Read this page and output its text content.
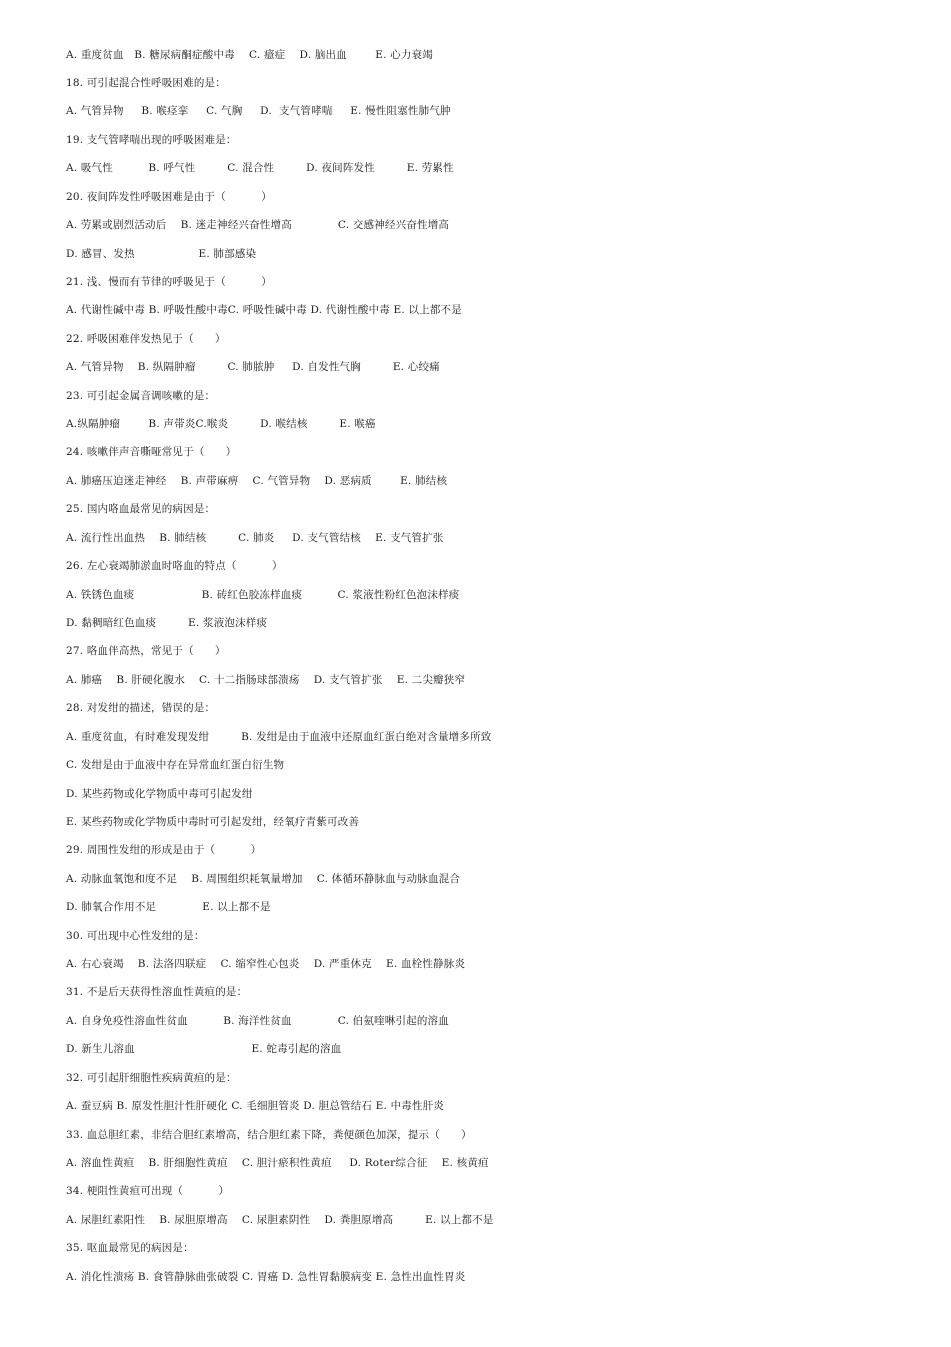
A. 重度贫血   B. 糖尿病酮症酸中毒    C. 癔症    D. 脑出血        E. 心力衰竭
18. 可引起混合性呼吸困难的是：
A. 气管异物     B. 喉痉挛     C. 气胸     D.  支气管哮喘     E. 慢性阻塞性肺气肿
19. 支气管哮喘出现的呼吸困难是：
A. 吸气性          B. 呼气性         C. 混合性         D. 夜间阵发性         E. 劳累性
20. 夜间阵发性呼吸困难是由于（          ）
A. 劳累或剧烈活动后    B. 迷走神经兴奋性增高             C. 交感神经兴奋性增高
D. 感冒、发热                  E. 肺部感染
21. 浅、慢而有节律的呼吸见于（          ）
A. 代谢性碱中毒 B. 呼吸性酸中毒C. 呼吸性碱中毒 D. 代谢性酸中毒 E. 以上都不是
22. 呼吸困难伴发热见于（      ）
A. 气管异物    B. 纵隔肿瘤         C. 肺脓肿     D. 自发性气胸         E. 心绞痛
23. 可引起金属音调咳嗽的是：
A.纵隔肿瘤        B. 声带炎C.喉炎         D. 喉结核         E. 喉癌
24. 咳嗽伴声音嘶哑常见于（      ）
A. 肺癌压迫迷走神经    B. 声带麻痹    C. 气管异物    D. 恶病质        E. 肺结核
25. 国内咯血最常见的病因是：
A. 流行性出血热    B. 肺结核         C. 肺炎     D. 支气管结核    E. 支气管扩张
26. 左心衰竭肺淤血时咯血的特点（          ）
A. 铁锈色血痰                   B. 砖红色胶冻样血痰          C. 浆液性粉红色泡沫样痰
D. 黏稠暗红色血痰         E. 浆液泡沫样痰
27. 咯血伴高热，常见于（      ）
A. 肺癌    B. 肝硬化腹水    C. 十二指肠球部溃疡    D. 支气管扩张    E. 二尖瓣狭窄
28. 对发绀的描述，错误的是：
A. 重度贫血，有时难发现发绀         B. 发绀是由于血液中还原血红蛋白绝对含量增多所致
C. 发绀是由于血液中存在异常血红蛋白衍生物
D. 某些药物或化学物质中毒可引起发绀
E. 某些药物或化学物质中毒时可引起发绀，经氧疗青紫可改善
29. 周围性发绀的形成是由于（          ）
A. 动脉血氧饱和度不足    B. 周围组织耗氧量增加    C. 体循环静脉血与动脉血混合
D. 肺氧合作用不足             E. 以上都不是
30. 可出现中心性发绀的是：
A. 右心衰竭    B. 法洛四联症    C. 缩窄性心包炎    D. 严重休克    E. 血栓性静脉炎
31. 不是后天获得性溶血性黄疸的是：
A. 自身免疫性溶血性贫血          B. 海洋性贫血             C. 伯氨喹啉引起的溶血
D. 新生儿溶血                                 E. 蛇毒引起的溶血
32. 可引起肝细胞性疾病黄疸的是：
A. 蚕豆病 B. 原发性胆汁性肝硬化 C. 毛细胆管炎 D. 胆总管结石 E. 中毒性肝炎
33. 血总胆红素，非结合胆红素增高，结合胆红素下降，粪便颜色加深，提示（      ）
A. 溶血性黄疸    B. 肝细胞性黄疸    C. 胆汁瘀积性黄疸     D. Roter综合征    E. 核黄疸
34. 梗阻性黄疸可出现（          ）
A. 尿胆红素阳性    B. 尿胆原增高    C. 尿胆素阴性    D. 粪胆原增高         E. 以上都不是
35. 呕血最常见的病因是：
A. 消化性溃疡 B. 食管静脉曲张破裂 C. 胃癌 D. 急性胃黏膜病变 E. 急性出血性胃炎
